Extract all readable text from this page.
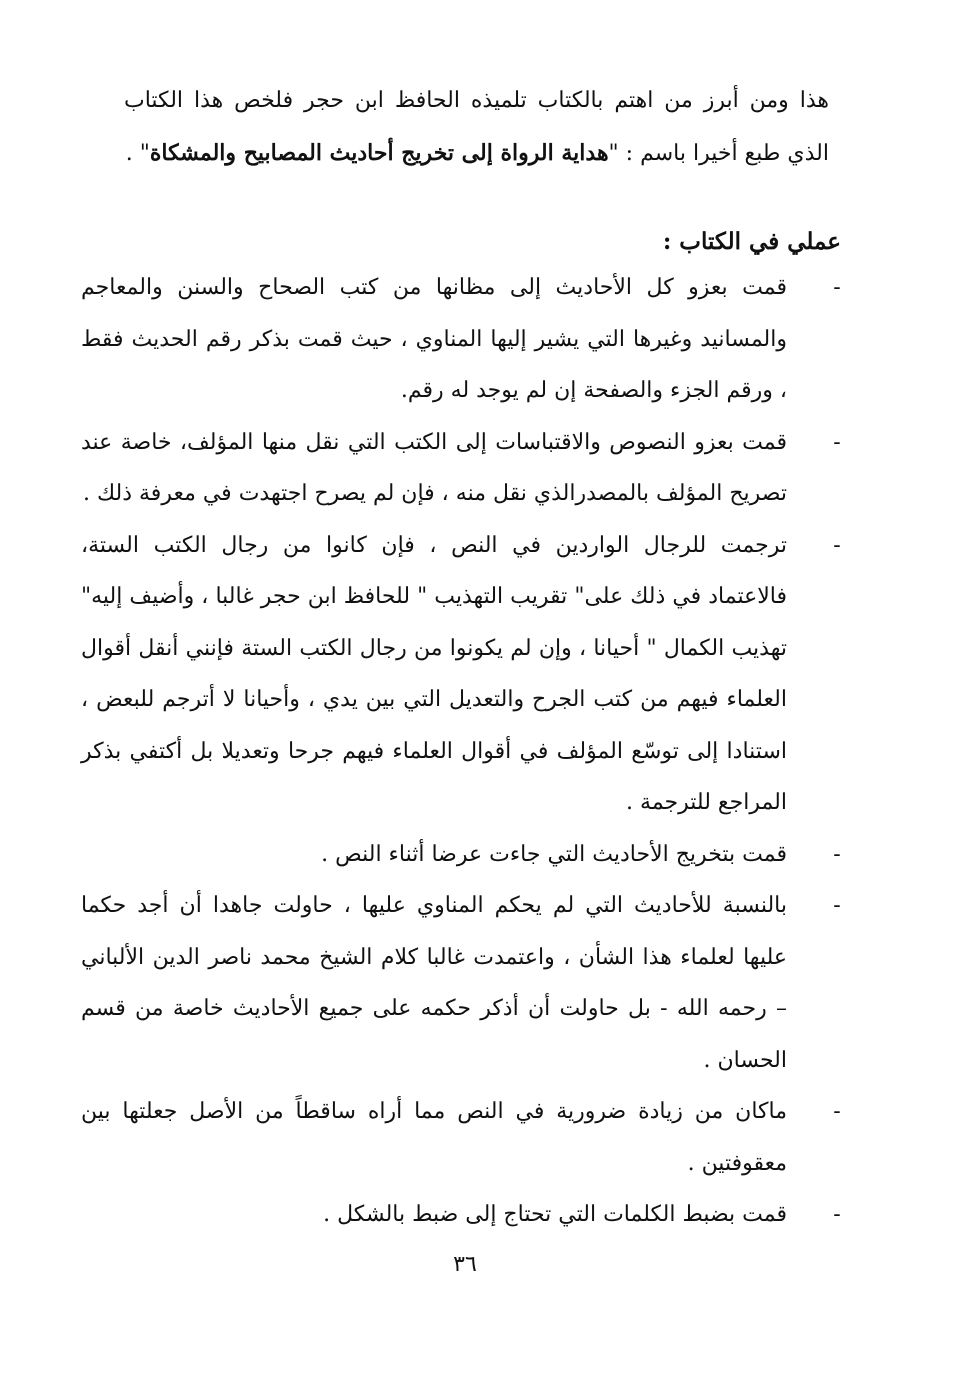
هذا ومن أبرز من اهتم بالكتاب تلميذه الحافظ ابن حجر فلخص هذا الكتاب الذي طبع أخيرا باسم : "هداية الرواة إلى تخريج أحاديث المصابيح والمشكاة" .

عملي في الكتاب :
-
قمت بعزو كل الأحاديث إلى مظانها من كتب الصحاح والسنن والمعاجم والمسانيد وغيرها التي يشير إليها المناوي ، حيث قمت بذكر رقم الحديث فقط ، ورقم الجزء والصفحة إن لم يوجد له رقم.
-
قمت بعزو النصوص والاقتباسات إلى الكتب التي نقل منها المؤلف، خاصة عند تصريح المؤلف بالمصدرالذي نقل منه ، فإن لم يصرح اجتهدت في معرفة ذلك .
-
ترجمت للرجال الواردين في النص ، فإن كانوا من رجال الكتب الستة، فالاعتماد في ذلك على" تقريب التهذيب " للحافظ ابن حجر غالبا ، وأضيف إليه" تهذيب الكمال " أحيانا ، وإن لم يكونوا من رجال الكتب الستة فإنني أنقل أقوال العلماء فيهم من كتب الجرح والتعديل التي بين يدي ، وأحيانا لا أترجم للبعض ، استنادا إلى توسّع المؤلف في أقوال العلماء فيهم جرحا وتعديلا بل أكتفي بذكر المراجع للترجمة .
-
قمت بتخريج الأحاديث التي جاءت عرضا أثناء النص .
-
بالنسبة للأحاديث التي لم يحكم المناوي عليها ، حاولت جاهدا أن أجد حكما عليها لعلماء هذا الشأن ، واعتمدت غالبا كلام الشيخ محمد ناصر الدين الألباني – رحمه الله - بل حاولت أن أذكر حكمه على جميع الأحاديث خاصة من قسم الحسان .
-
ماكان من زيادة ضرورية في النص مما أراه ساقطاً من الأصل جعلتها بين معقوفتين .
-
قمت بضبط الكلمات التي تحتاج إلى ضبط بالشكل .
٣٦
